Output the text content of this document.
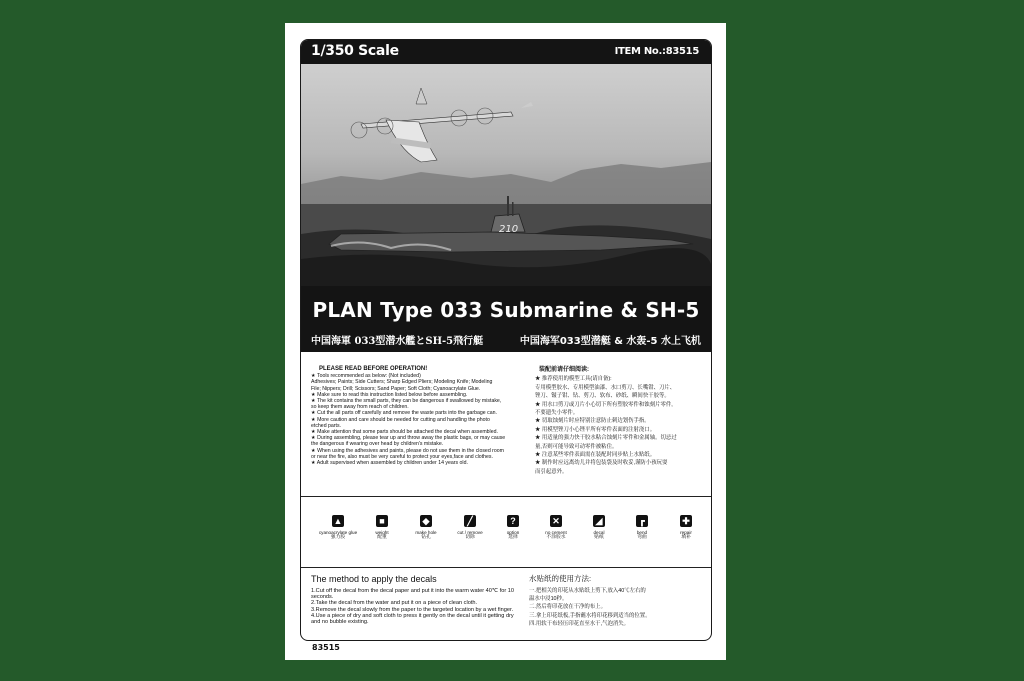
1/350 Scale	ITEM No.:83515
210
PLAN Type 033 Submarine & SH-5
中国海軍 033型潜水艦とSH-5飛行艇	中国海军033型潜艇 & 水轰-5 水上飞机
PLEASE READ BEFORE OPERATION!
★ Tools recommended as below: (Not included)
Adhesives; Paints; Side Cutters; Sharp Edged Pliers; Modeling Knife; Modeling
File; Nippers; Drill; Scissors; Sand Paper; Soft Cloth; Cyanoacrylate Glue.
★ Make sure to read this instruction listed below before assembling.
★ The kit contains the small parts, they can be dangerous if swallowed by mistake,
so keep them away from reach of children.
★ Cut the all parts off carefully and remove the waste parts into the garbage can.
★ More caution and care should be needed for cutting and handling the photo
etched parts.
★ Make attention that some parts should be attached the decal when assembled.
★ During assembling, please tear up and throw away the plastic bags, or may cause
the dangerous if wearing over head by children's mistake.
★ When using the adhesives and paints, please do not use them in the closed room
or near the fire, also must be very careful to protect your eyes,face and clothes.
★ Adult supervised when assembled by children under 14 years old.
装配前请仔细阅读:
★ 推荐使用的模型工具(请自备):
专用模型胶水、专用模型油漆、水口剪刀、长嘴钳、刀片、
锉刀、镊子钳、钻、剪刀、软布、砂纸、瞬间快干胶等。
★ 用水口剪刀或刀片小心切下所有塑胶零件和蚀刻片零件,
不要遗失小零件。
★ 切取蚀刻片时应特别注意防止刺边划伤手指。
★ 用模型锉刀小心锉平所有零件表面的注射浇口。
★ 用适量的强力快干胶水粘合蚀刻片零件和金属轴。切忌过
量,否则可能导致可动零件被粘住。
★ 注意某些零件表面需在装配时同步贴上水贴纸。
★ 制作时应远离幼儿并将包装袋及时收妥,谨防小孩玩耍
而引起意外。
▲
cyanoacrylate glue
强力胶
■
weight
配重
◆
make hole
钻孔
╱
cut / remove
切除
?
option
选择
✕
no cement
不涂胶水
◢
decal
贴纸
┏
bend
弯曲
✚
repair
填补
The method to apply the decals	水贴纸的使用方法:
1.Cut off the decal from the decal paper and put it into the warm water 40℃ for 10
seconds.
2.Take the decal from the water and put it on a piece of clean cloth.
3.Remove the decal slowly from the paper to the targeted location by a wet finger.
4.Use a piece of dry and soft cloth to press it gently on the decal until it getting dry
and no bubble existing.
一.把相关的印花从水贴纸上剪下,放入40℃左右的
温水中浸10秒。
二.然后将印花放在干净的布上。
三.拿上印花纸板,手指蘸水将印花移到适当的位置。
四.用软干布轻压印花直至水干,气泡消失。
83515
